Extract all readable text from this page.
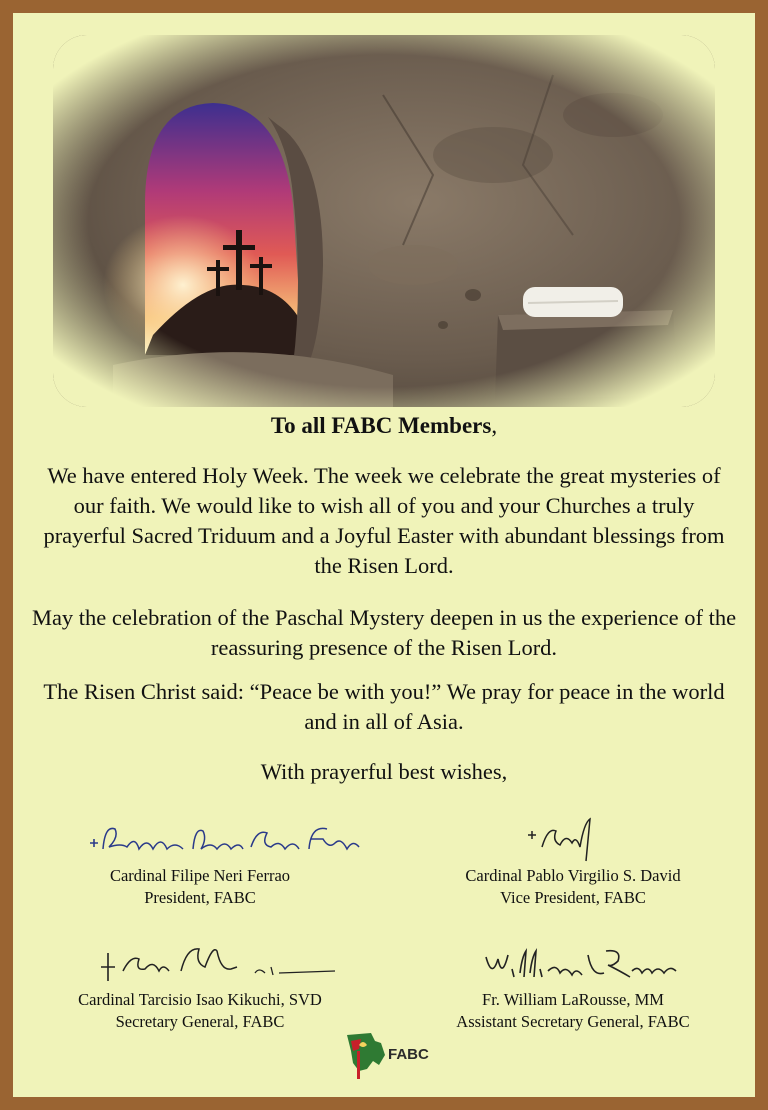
To all FABC Members,
We have entered Holy Week. The week we celebrate the great mysteries of our faith. We would like to wish all of you and your Churches a truly prayerful Sacred Triduum and a Joyful Easter with abundant blessings from the Risen Lord.
May the celebration of the Paschal Mystery deepen in us the experience of the reassuring presence of the Risen Lord.
The Risen Christ said: “Peace be with you!” We pray for peace in the world and in all of Asia.
With prayerful best wishes,
Cardinal Filipe Neri Ferrao
President, FABC
Cardinal Pablo Virgilio S. David
Vice President, FABC
Cardinal Tarcisio Isao Kikuchi, SVD
Secretary General, FABC
Fr. William LaRousse, MM
Assistant Secretary General, FABC
FABC
